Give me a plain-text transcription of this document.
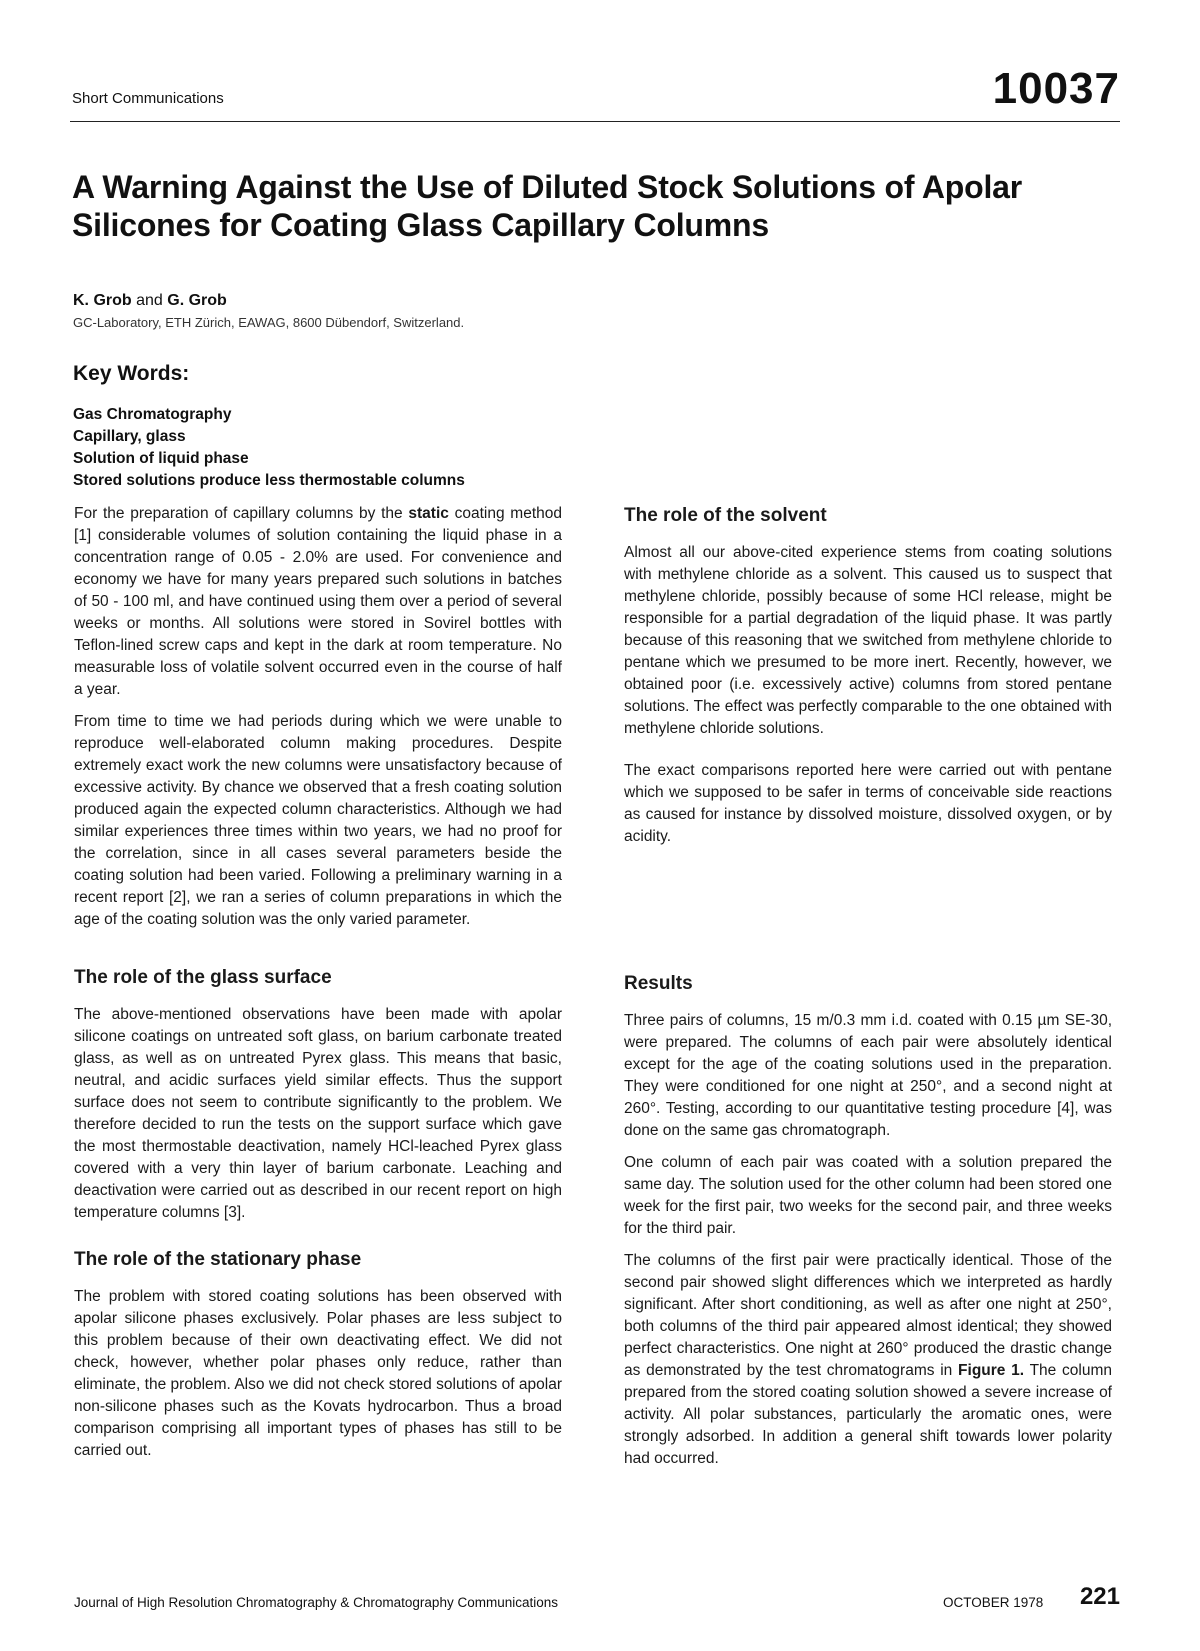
Short Communications	10037
A Warning Against the Use of Diluted Stock Solutions of Apolar Silicones for Coating Glass Capillary Columns
K. Grob and G. Grob
GC-Laboratory, ETH Zürich, EAWAG, 8600 Dübendorf, Switzerland.
Key Words:
Gas Chromatography
Capillary, glass
Solution of liquid phase
Stored solutions produce less thermostable columns

For the preparation of capillary columns by the static coating method [1] considerable volumes of solution containing the liquid phase in a concentration range of 0.05 - 2.0% are used. For convenience and economy we have for many years prepared such solutions in batches of 50 - 100 ml, and have continued using them over a period of several weeks or months. All solutions were stored in Sovirel bottles with Teflon-lined screw caps and kept in the dark at room temperature. No measurable loss of volatile solvent occurred even in the course of half a year.

From time to time we had periods during which we were unable to reproduce well-elaborated column making procedures. Despite extremely exact work the new columns were unsatisfactory because of excessive activity. By chance we observed that a fresh coating solution produced again the expected column characteristics. Although we had similar experiences three times within two years, we had no proof for the correlation, since in all cases several parameters beside the coating solution had been varied. Following a preliminary warning in a recent report [2], we ran a series of column preparations in which the age of the coating solution was the only varied parameter.

The role of the glass surface

The above-mentioned observations have been made with apolar silicone coatings on untreated soft glass, on barium carbonate treated glass, as well as on untreated Pyrex glass. This means that basic, neutral, and acidic surfaces yield similar effects. Thus the support surface does not seem to contribute significantly to the problem. We therefore decided to run the tests on the support surface which gave the most thermostable deactivation, namely HCl-leached Pyrex glass covered with a very thin layer of barium carbonate. Leaching and deactivation were carried out as described in our recent report on high temperature columns [3].

The role of the stationary phase

The problem with stored coating solutions has been observed with apolar silicone phases exclusively. Polar phases are less subject to this problem because of their own deactivating effect. We did not check, however, whether polar phases only reduce, rather than eliminate, the problem. Also we did not check stored solutions of apolar non-silicone phases such as the Kovats hydrocarbon. Thus a broad comparison comprising all important types of phases has still to be carried out.

The role of the solvent

Almost all our above-cited experience stems from coating solutions with methylene chloride as a solvent. This caused us to suspect that methylene chloride, possibly because of some HCl release, might be responsible for a partial degradation of the liquid phase. It was partly because of this reasoning that we switched from methylene chloride to pentane which we presumed to be more inert. Recently, however, we obtained poor (i.e. excessively active) columns from stored pentane solutions. The effect was perfectly comparable to the one obtained with methylene chloride solutions.

The exact comparisons reported here were carried out with pentane which we supposed to be safer in terms of conceivable side reactions as caused for instance by dissolved moisture, dissolved oxygen, or by acidity.

Results

Three pairs of columns, 15 m/0.3 mm i.d. coated with 0.15 µm SE-30, were prepared. The columns of each pair were absolutely identical except for the age of the coating solutions used in the preparation. They were conditioned for one night at 250°, and a second night at 260°. Testing, according to our quantitative testing procedure [4], was done on the same gas chromatograph.

One column of each pair was coated with a solution prepared the same day. The solution used for the other column had been stored one week for the first pair, two weeks for the second pair, and three weeks for the third pair.

The columns of the first pair were practically identical. Those of the second pair showed slight differences which we interpreted as hardly significant. After short conditioning, as well as after one night at 250°, both columns of the third pair appeared almost identical; they showed perfect characteristics. One night at 260° produced the drastic change as demonstrated by the test chromatograms in Figure 1. The column prepared from the stored coating solution showed a severe increase of activity. All polar substances, particularly the aromatic ones, were strongly adsorbed. In addition a general shift towards lower polarity had occurred.

Journal of High Resolution Chromatography & Chromatography Communications	OCTOBER 1978 221
